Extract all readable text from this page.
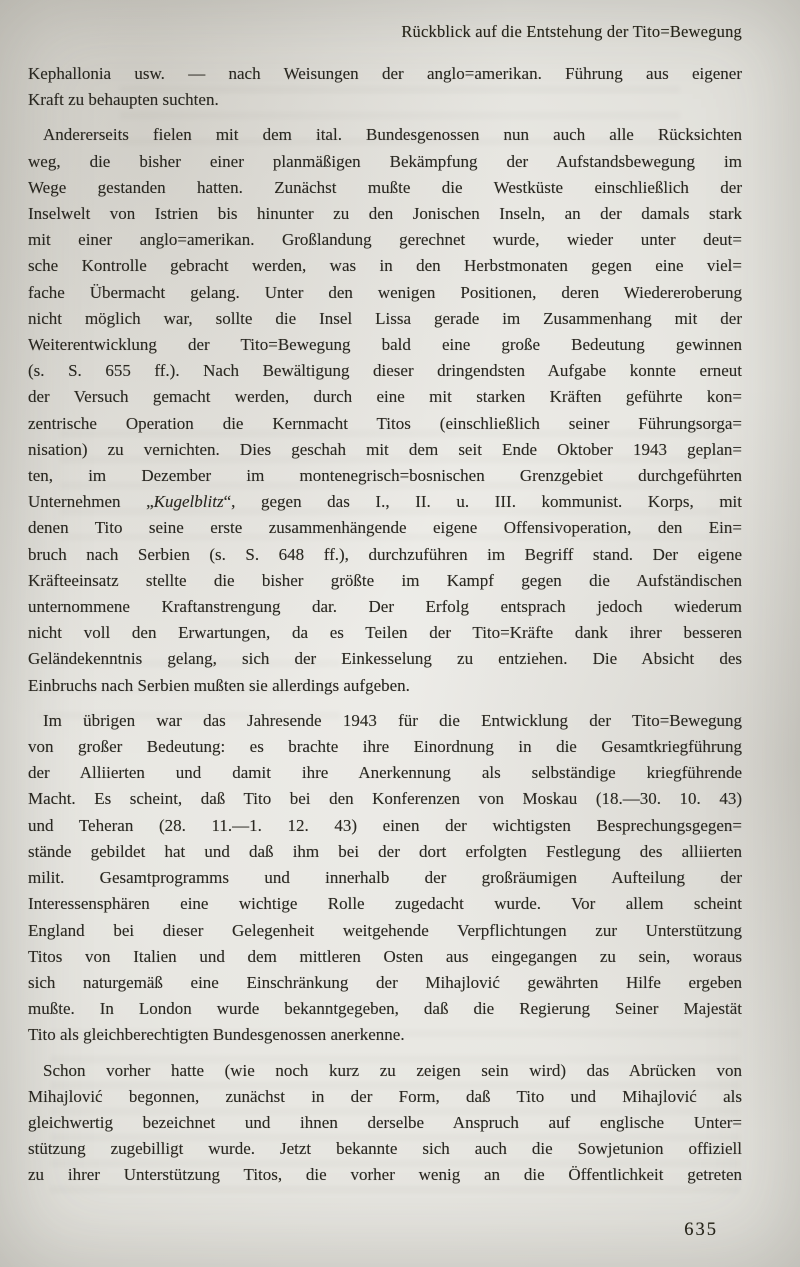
Rückblick auf die Entstehung der Tito=Bewegung
Kephallonia usw. — nach Weisungen der anglo=amerikan. Führung aus eigener
Kraft zu behaupten suchten.
Andererseits fielen mit dem ital. Bundesgenossen nun auch alle Rücksichten
weg, die bisher einer planmäßigen Bekämpfung der Aufstandsbewegung im
Wege gestanden hatten. Zunächst mußte die Westküste einschließlich der
Inselwelt von Istrien bis hinunter zu den Jonischen Inseln, an der damals stark
mit einer anglo=amerikan. Großlandung gerechnet wurde, wieder unter deut=
sche Kontrolle gebracht werden, was in den Herbstmonaten gegen eine viel=
fache Übermacht gelang. Unter den wenigen Positionen, deren Wiedereroberung
nicht möglich war, sollte die Insel Lissa gerade im Zusammenhang mit der
Weiterentwicklung der Tito=Bewegung bald eine große Bedeutung gewinnen
(s. S. 655 ff.). Nach Bewältigung dieser dringendsten Aufgabe konnte erneut
der Versuch gemacht werden, durch eine mit starken Kräften geführte kon=
zentrische Operation die Kernmacht Titos (einschließlich seiner Führungsorga=
nisation) zu vernichten. Dies geschah mit dem seit Ende Oktober 1943 geplan=
ten, im Dezember im montenegrisch=bosnischen Grenzgebiet durchgeführten
Unternehmen „Kugelblitz“, gegen das I., II. u. III. kommunist. Korps, mit
denen Tito seine erste zusammenhängende eigene Offensivoperation, den Ein=
bruch nach Serbien (s. S. 648 ff.), durchzuführen im Begriff stand. Der eigene
Kräfteeinsatz stellte die bisher größte im Kampf gegen die Aufständischen
unternommene Kraftanstrengung dar. Der Erfolg entsprach jedoch wiederum
nicht voll den Erwartungen, da es Teilen der Tito=Kräfte dank ihrer besseren
Geländekenntnis gelang, sich der Einkesselung zu entziehen. Die Absicht des
Einbruchs nach Serbien mußten sie allerdings aufgeben.
Im übrigen war das Jahresende 1943 für die Entwicklung der Tito=Bewegung
von großer Bedeutung: es brachte ihre Einordnung in die Gesamtkriegführung
der Alliierten und damit ihre Anerkennung als selbständige kriegführende
Macht. Es scheint, daß Tito bei den Konferenzen von Moskau (18.—30. 10. 43)
und Teheran (28. 11.—1. 12. 43) einen der wichtigsten Besprechungsgegen=
stände gebildet hat und daß ihm bei der dort erfolgten Festlegung des alliierten
milit. Gesamtprogramms und innerhalb der großräumigen Aufteilung der
Interessensphären eine wichtige Rolle zugedacht wurde. Vor allem scheint
England bei dieser Gelegenheit weitgehende Verpflichtungen zur Unterstützung
Titos von Italien und dem mittleren Osten aus eingegangen zu sein, woraus
sich naturgemäß eine Einschränkung der Mihajlović gewährten Hilfe ergeben
mußte. In London wurde bekanntgegeben, daß die Regierung Seiner Majestät
Tito als gleichberechtigten Bundesgenossen anerkenne.
Schon vorher hatte (wie noch kurz zu zeigen sein wird) das Abrücken von
Mihajlović begonnen, zunächst in der Form, daß Tito und Mihajlović als
gleichwertig bezeichnet und ihnen derselbe Anspruch auf englische Unter=
stützung zugebilligt wurde. Jetzt bekannte sich auch die Sowjetunion offiziell
zu ihrer Unterstützung Titos, die vorher wenig an die Öffentlichkeit getreten
635
